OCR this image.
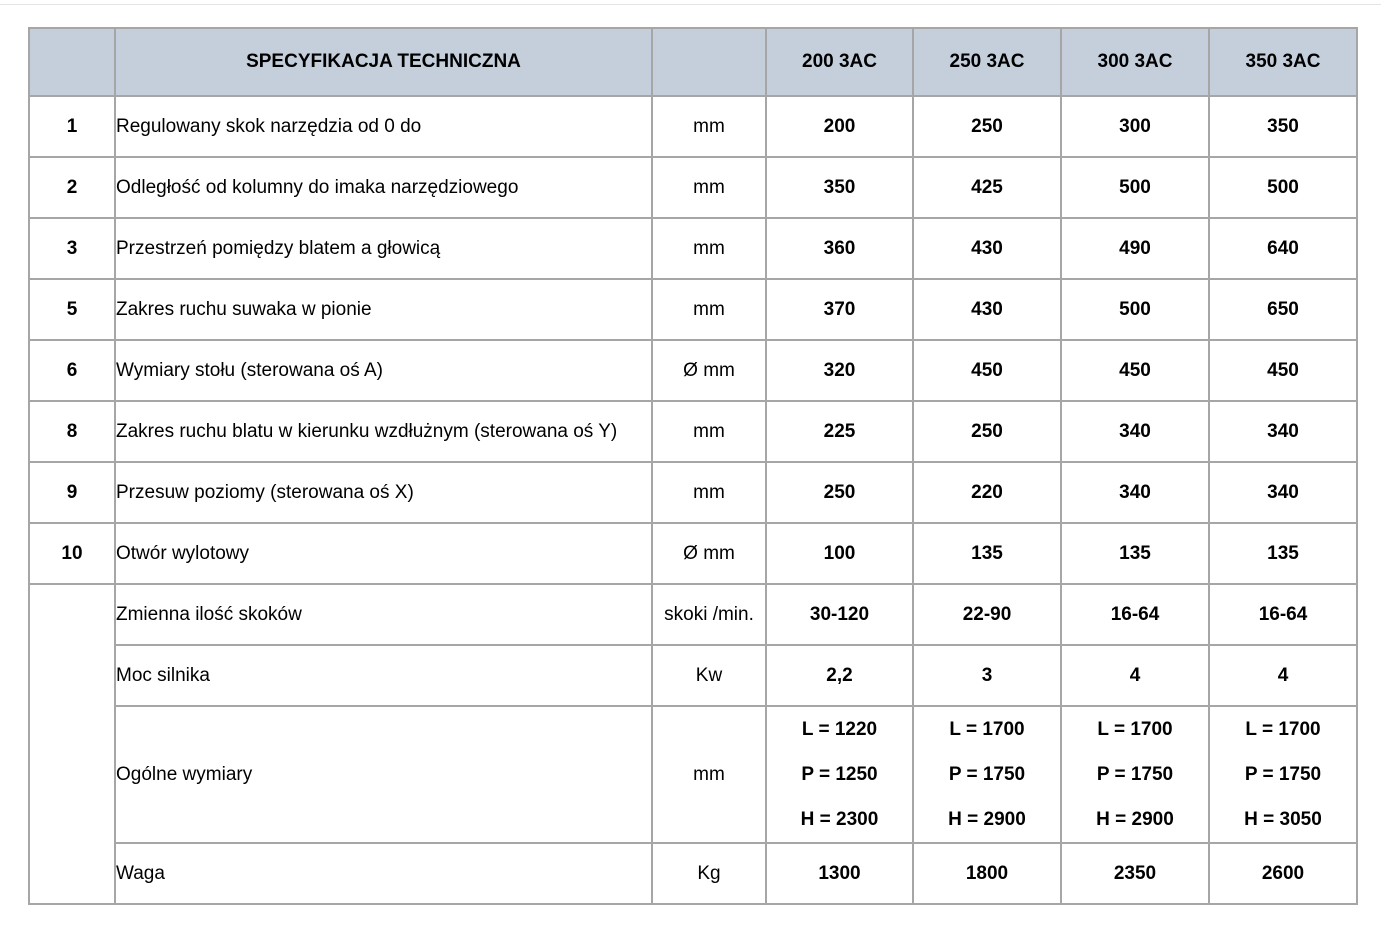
	SPECYFIKACJA TECHNICZNA		200 3AC	250 3AC	300 3AC	350 3AC
1	Regulowany skok narzędzia od 0 do	mm	200	250	300	350
2	Odległość od kolumny do imaka narzędziowego	mm	350	425	500	500
3	Przestrzeń pomiędzy blatem a głowicą	mm	360	430	490	640
5	Zakres ruchu suwaka w pionie	mm	370	430	500	650
6	Wymiary stołu (sterowana oś A)	Ø mm	320	450	450	450
8	Zakres ruchu blatu w kierunku wzdłużnym (sterowana oś Y)	mm	225	250	340	340
9	Przesuw poziomy (sterowana oś X)	mm	250	220	340	340
10	Otwór wylotowy	Ø mm	100	135	135	135
	Zmienna ilość skoków	skoki /min.	30-120	22-90	16-64	16-64
	Moc silnika	Kw	2,2	3	4	4
	Ogólne wymiary	mm	L = 1220
P = 1250
H = 2300	L = 1700
P = 1750
H = 2900	L = 1700
P = 1750
H = 2900	L = 1700
P = 1750
H = 3050

	Waga	Kg	1300	1800	2350	2600
